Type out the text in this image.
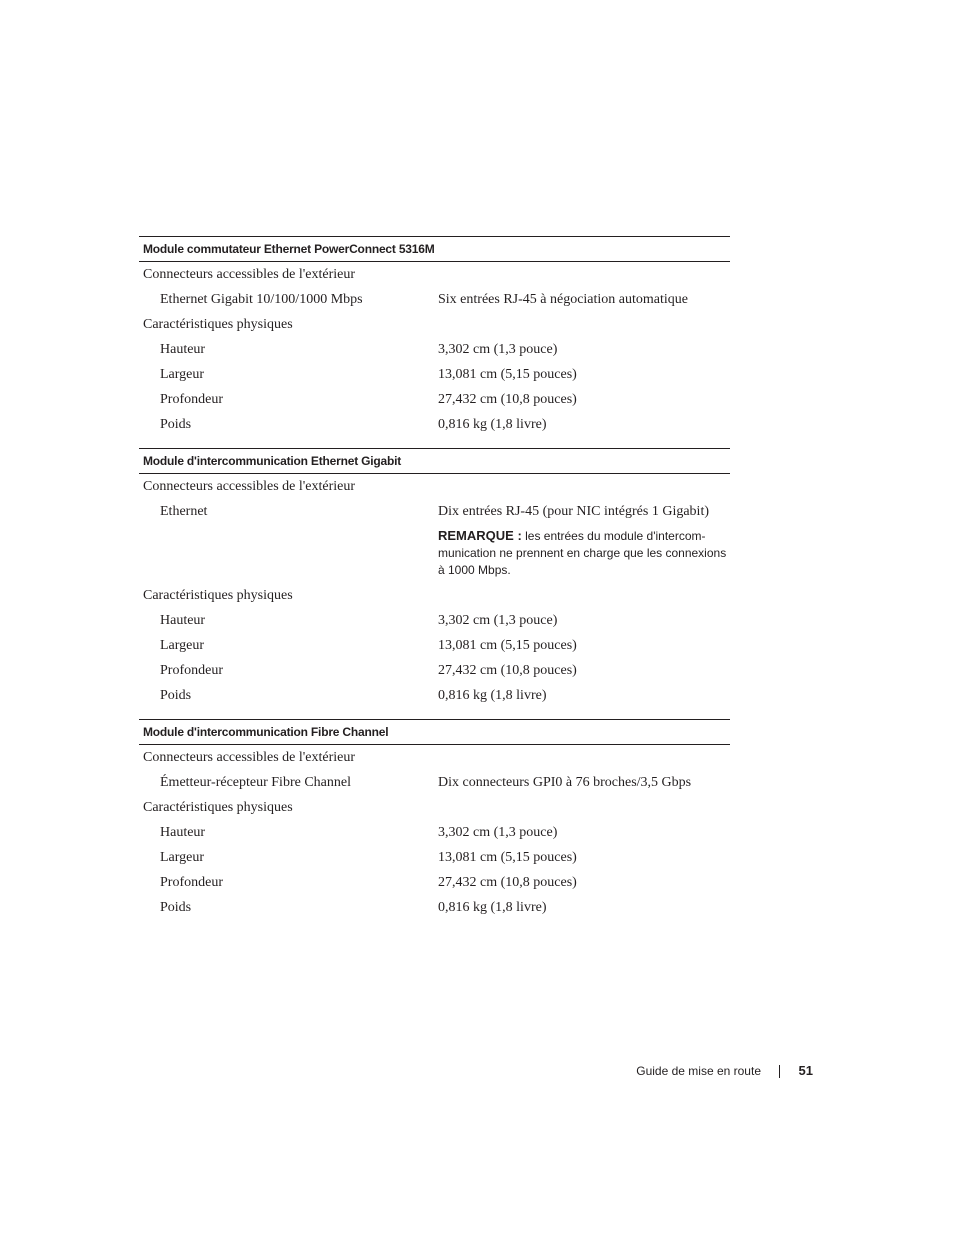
Module commutateur Ethernet PowerConnect 5316M
Connecteurs accessibles de l'extérieur
Ethernet Gigabit 10/100/1000 Mbps	Six entrées RJ-45 à négociation automatique
Caractéristiques physiques
Hauteur	3,302 cm (1,3 pouce)
Largeur	13,081 cm (5,15 pouces)
Profondeur	27,432 cm (10,8 pouces)
Poids	0,816 kg (1,8 livre)
Module d'intercommunication Ethernet Gigabit
Connecteurs accessibles de l'extérieur
Ethernet	Dix entrées RJ-45 (pour NIC intégrés 1 Gigabit)
REMARQUE : les entrées du module d'intercom-munication ne prennent en charge que les connexions à 1000 Mbps.
Caractéristiques physiques
Hauteur	3,302 cm (1,3 pouce)
Largeur	13,081 cm (5,15 pouces)
Profondeur	27,432 cm (10,8 pouces)
Poids	0,816 kg (1,8 livre)
Module d'intercommunication Fibre Channel
Connecteurs accessibles de l'extérieur
Émetteur-récepteur Fibre Channel	Dix connecteurs GPI0 à 76 broches/3,5 Gbps
Caractéristiques physiques
Hauteur	3,302 cm (1,3 pouce)
Largeur	13,081 cm (5,15 pouces)
Profondeur	27,432 cm (10,8 pouces)
Poids	0,816 kg (1,8 livre)
Guide de mise en route	51
